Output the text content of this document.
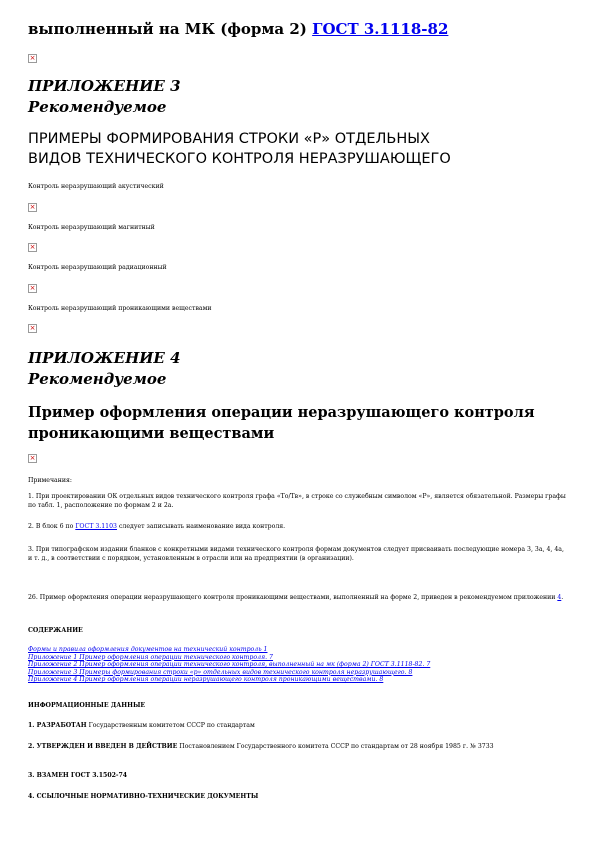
выполненный на МК (форма 2) ГОСТ 3.1118-82
×
ПРИЛОЖЕНИЕ 3
Рекомендуемое
ПРИМЕРЫ ФОРМИРОВАНИЯ СТРОКИ «Р» ОТДЕЛЬНЫХ
ВИДОВ ТЕХНИЧЕСКОГО КОНТРОЛЯ НЕРАЗРУШАЮЩЕГО
Контроль неразрушающий акустический
×
Контроль неразрушающий магнитный
×
Контроль неразрушающий радиационный
×
Контроль неразрушающий проникающими веществами
×
ПРИЛОЖЕНИЕ 4
Рекомендуемое
Пример оформления операции неразрушающего контроля
проникающими веществами
×
Примечания:
1. При проектировании ОК отдельных видов технического контроля графа «То/Тв», в строке со служебным символом «Р», является обязательной. Размеры графы по табл. 1, расположение по формам 2 и 2а.
2. В блок 6 по ГОСТ 3.1103 следует записывать наименование вида контроля.
3. При типографском издании бланков с конкретными видами технического контроля формам документов следует присваивать последующие номера 3, 3а, 4, 4а, и т. д., в соответствии с порядком, установленным в отрасли или на предприятии (в организации).
26. Пример оформления операции неразрушающего контроля проникающими веществами, выполненный на форме 2, приведен в рекомендуемом приложении 4.
СОДЕРЖАНИЕ
Формы и правила оформления документов на технический контроль 1
Приложение 1 Пример оформления операции технического контроля. 7
Приложение 2 Пример оформления операции технического контроля, выполненный на мк (форма 2) ГОСТ 3.1118-82. 7
Приложение 3 Примеры формирования строки «р» отдельных видов технического контроля неразрушающего. 8
Приложение 4 Пример оформления операции неразрушающего контроля проникающими веществами. 8
ИНФОРМАЦИОННЫЕ ДАННЫЕ
1. РАЗРАБОТАН Государственным комитетом СССР по стандартам
2. УТВЕРЖДЕН И ВВЕДЕН В ДЕЙСТВИЕ Постановлением Государственного комитета СССР по стандартам от 28 ноября 1985 г. № 3733
3. ВЗАМЕН ГОСТ 3.1502-74
4. ССЫЛОЧНЫЕ НОРМАТИВНО-ТЕХНИЧЕСКИЕ ДОКУМЕНТЫ
